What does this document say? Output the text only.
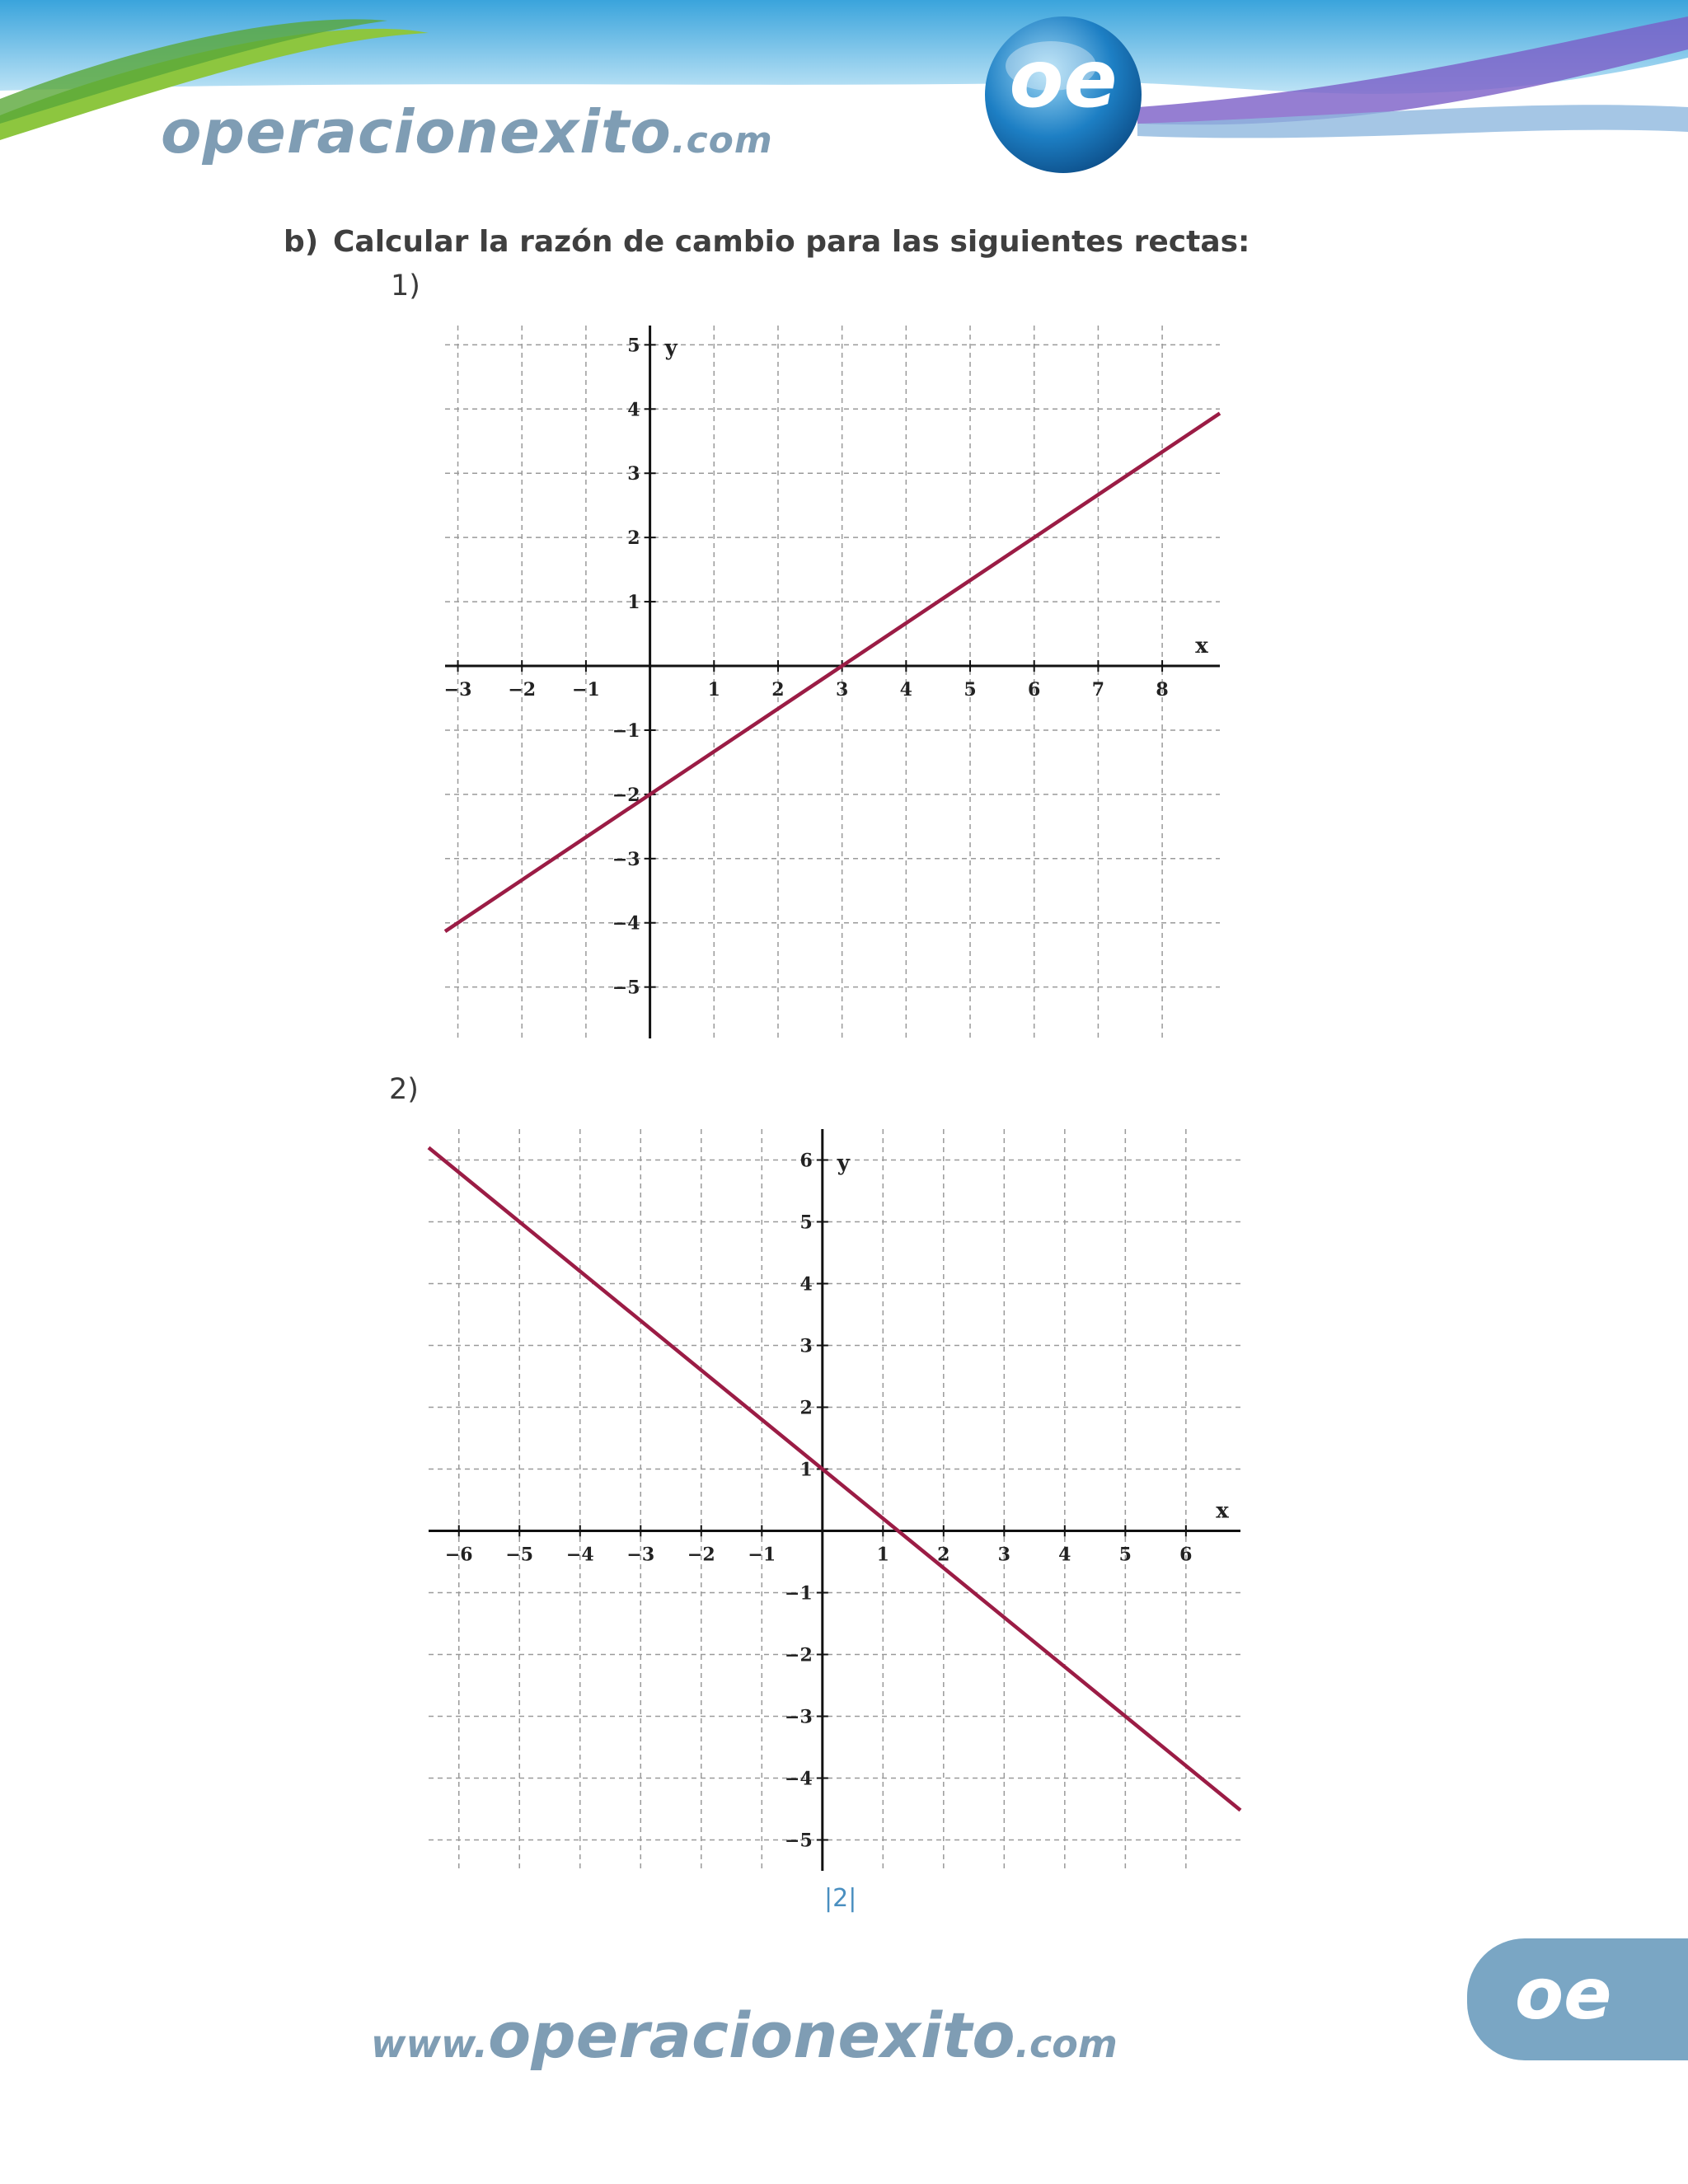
operacionexito.com
oe
b) Calcular la razón de cambio para las siguientes rectas:
1)
−3 −2 −1	1	2	3	4	5	6	7	8
5
4
3
2
1
−1
−2
−3
−4
−5
x
y
2)
−6 −5 −4 −3 −2 −1	1	2	3	4	5	6
6
5
4
3
2
1
−1
−2
−3
−4
−5
x
y
|2|
www.operacionexito.com
oe
